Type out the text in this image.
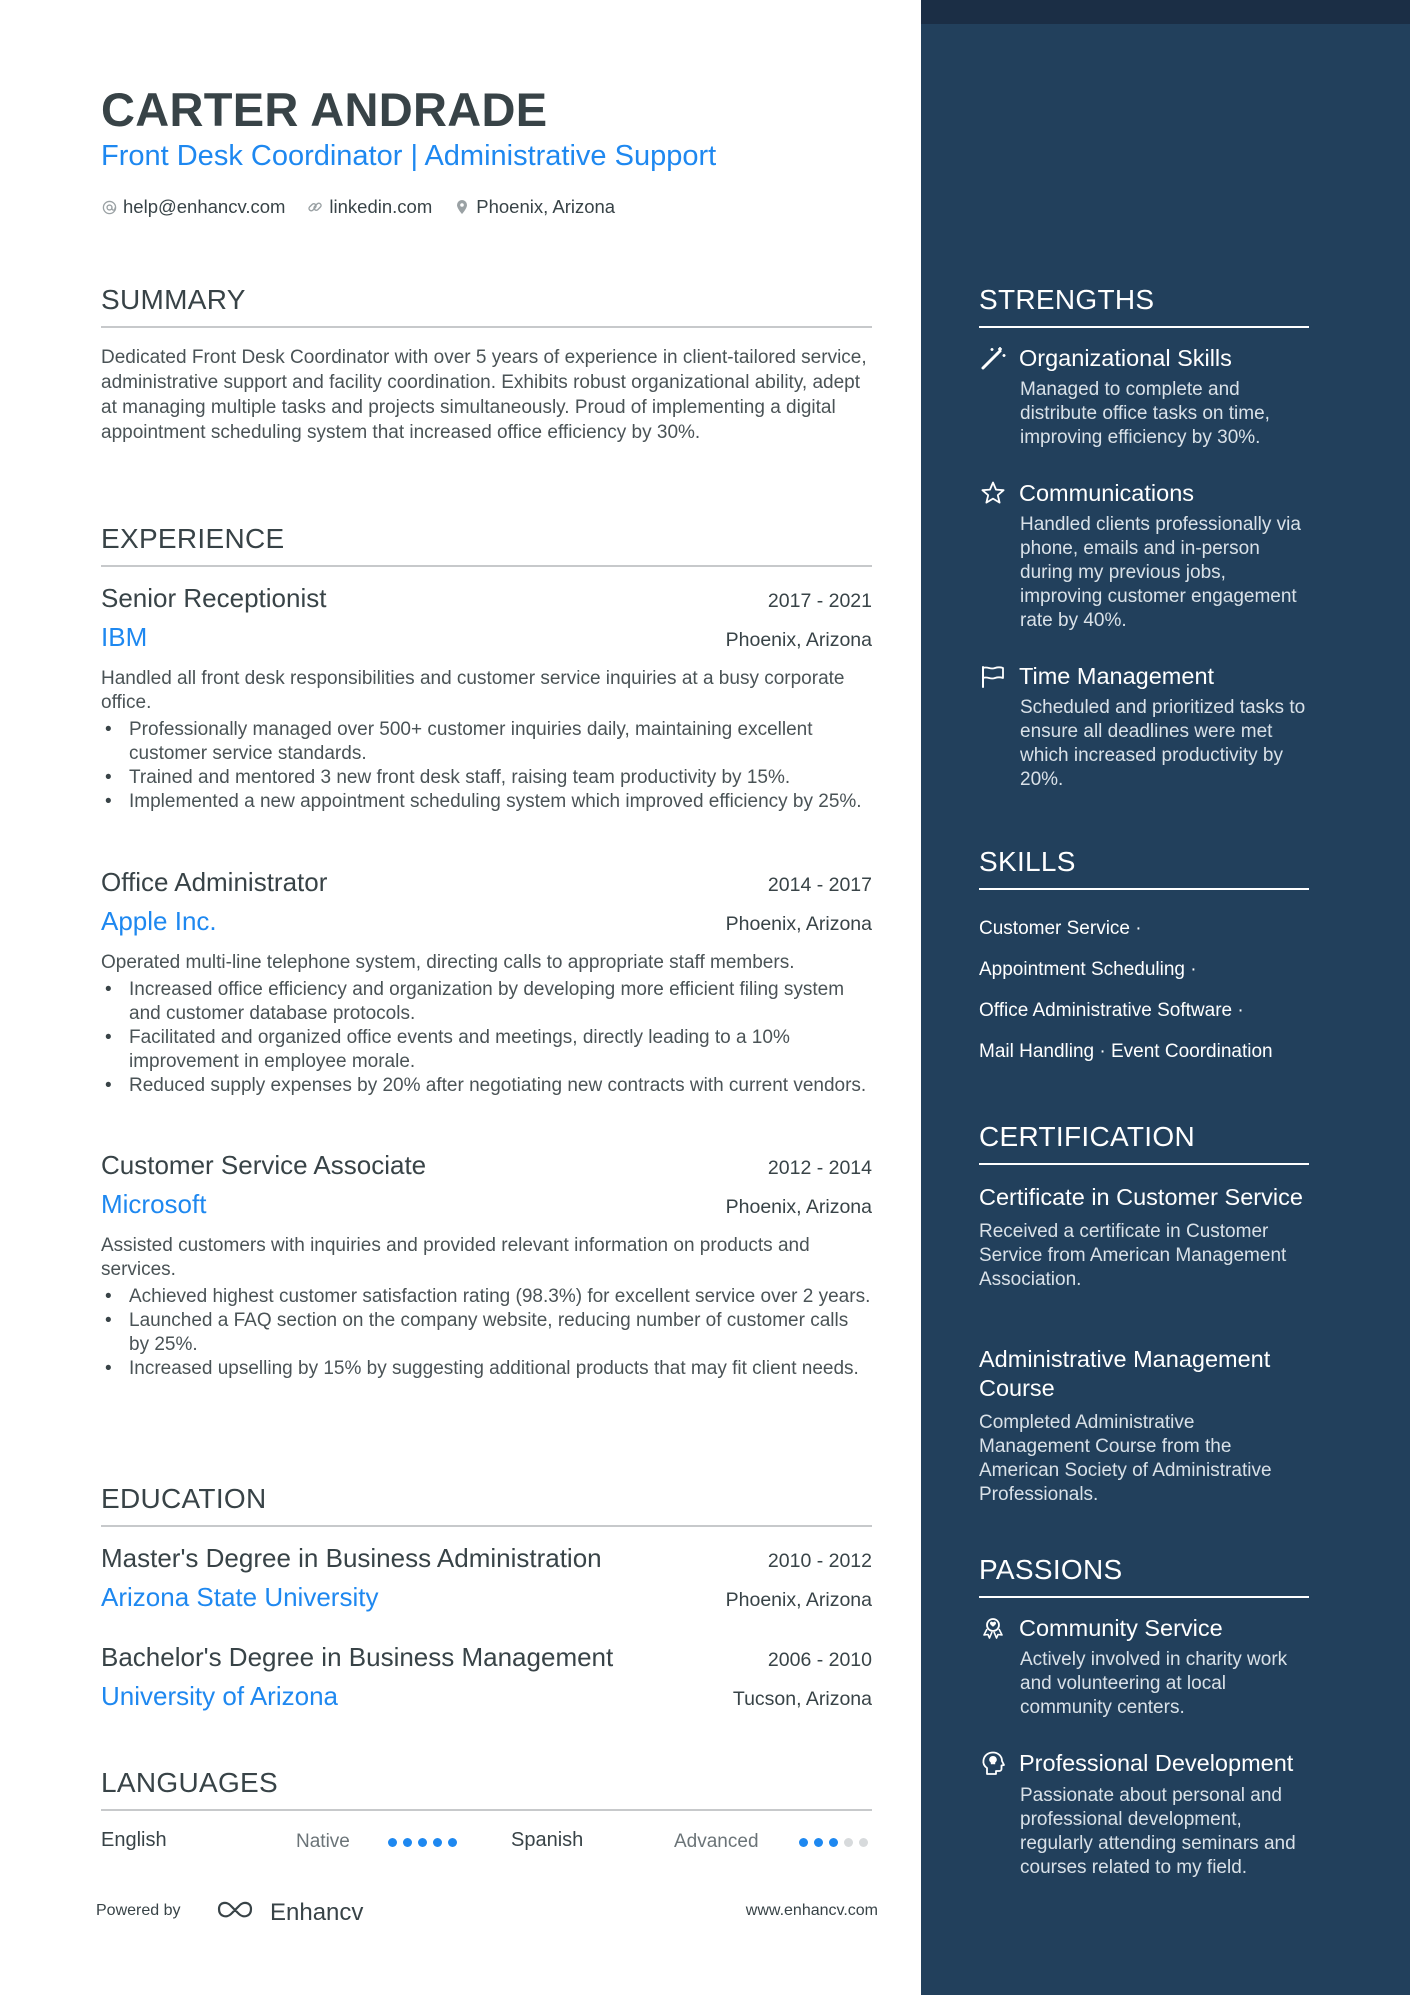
CARTER ANDRADE
Front Desk Coordinator | Administrative Support
help@enhancv.com linkedin.com Phoenix, Arizona
SUMMARY
Dedicated Front Desk Coordinator with over 5 years of experience in client-tailored service, administrative support and facility coordination. Exhibits robust organizational ability, adept at managing multiple tasks and projects simultaneously. Proud of implementing a digital appointment scheduling system that increased office efficiency by 30%.
EXPERIENCE
Senior Receptionist	2017 - 2021
IBM	Phoenix, Arizona
Handled all front desk responsibilities and customer service inquiries at a busy corporate office.
• Professionally managed over 500+ customer inquiries daily, maintaining excellent customer service standards.
• Trained and mentored 3 new front desk staff, raising team productivity by 15%.
• Implemented a new appointment scheduling system which improved efficiency by 25%.
Office Administrator	2014 - 2017
Apple Inc.	Phoenix, Arizona
Operated multi-line telephone system, directing calls to appropriate staff members.
• Increased office efficiency and organization by developing more efficient filing system and customer database protocols.
• Facilitated and organized office events and meetings, directly leading to a 10% improvement in employee morale.
• Reduced supply expenses by 20% after negotiating new contracts with current vendors.
Customer Service Associate	2012 - 2014
Microsoft	Phoenix, Arizona
Assisted customers with inquiries and provided relevant information on products and services.
• Achieved highest customer satisfaction rating (98.3%) for excellent service over 2 years.
• Launched a FAQ section on the company website, reducing number of customer calls by 25%.
• Increased upselling by 15% by suggesting additional products that may fit client needs.
EDUCATION
Master's Degree in Business Administration	2010 - 2012
Arizona State University	Phoenix, Arizona
Bachelor's Degree in Business Management	2006 - 2010
University of Arizona	Tucson, Arizona
LANGUAGES
English	Native	Spanish	Advanced
Powered by	Enhancv	www.enhancv.com
STRENGTHS
Organizational Skills
Managed to complete and distribute office tasks on time, improving efficiency by 30%.
Communications
Handled clients professionally via phone, emails and in-person during my previous jobs, improving customer engagement rate by 40%.
Time Management
Scheduled and prioritized tasks to ensure all deadlines were met which increased productivity by 20%.
SKILLS
Customer Service ·
Appointment Scheduling ·
Office Administrative Software ·
Mail Handling · Event Coordination
CERTIFICATION
Certificate in Customer Service
Received a certificate in Customer Service from American Management Association.
Administrative Management Course
Completed Administrative Management Course from the American Society of Administrative Professionals.
PASSIONS
Community Service
Actively involved in charity work and volunteering at local community centers.
Professional Development
Passionate about personal and professional development, regularly attending seminars and courses related to my field.
